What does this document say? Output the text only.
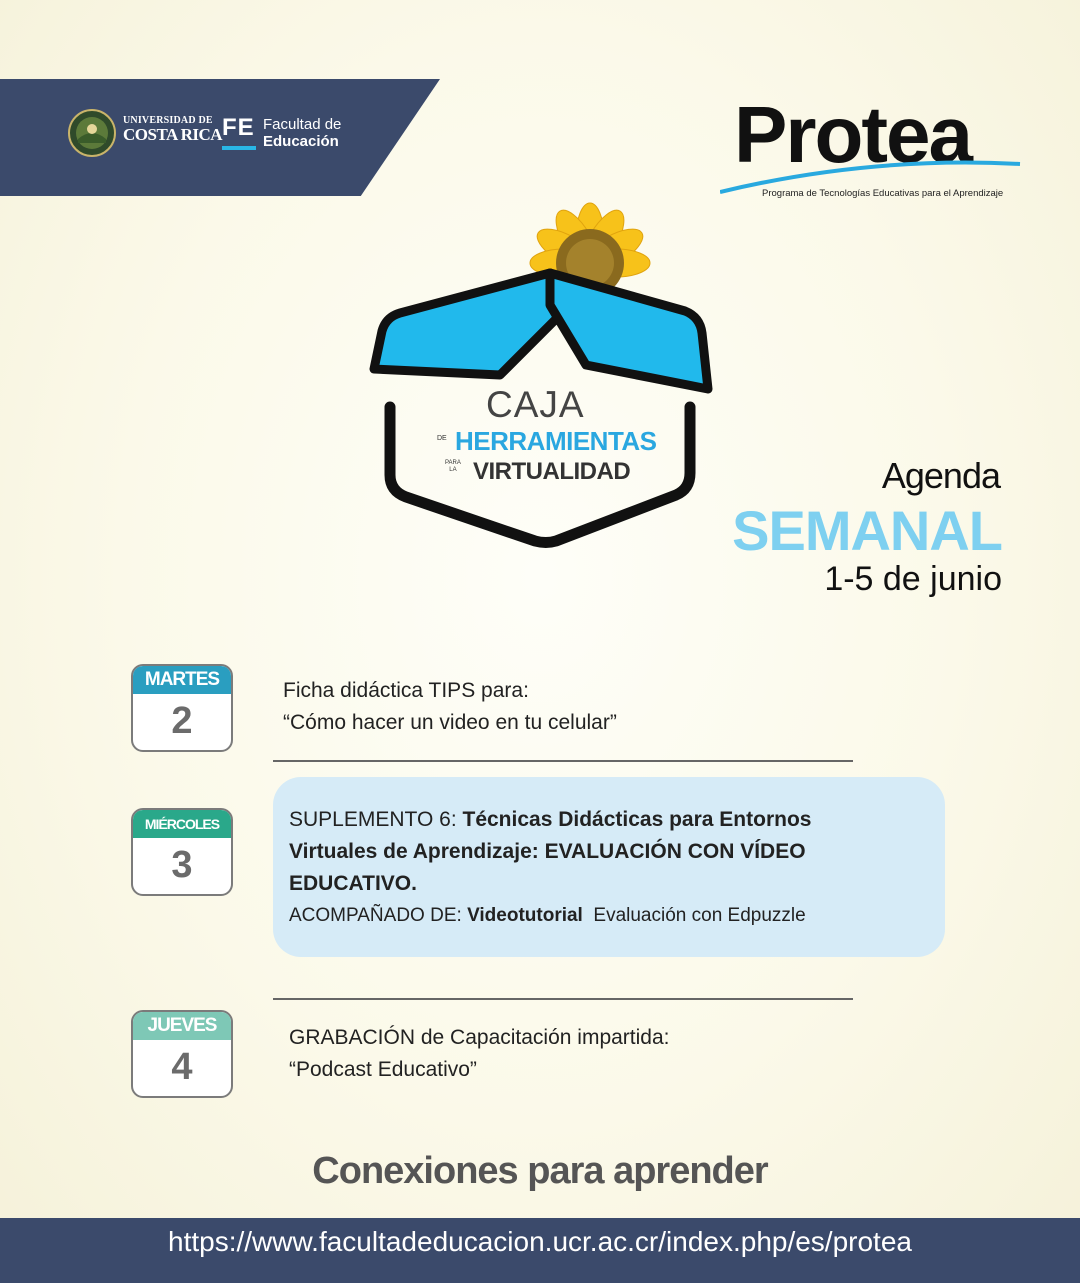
UNIVERSIDAD DE
COSTA RICA FE Facultad de
Educación	Protea
Programa de Tecnologías Educativas para el Aprendizaje
CAJA
DE HERRAMIENTAS
PARA
LA VIRTUALIDAD	Agenda
SEMANAL
1-5 de junio
MARTES
2
Ficha didáctica TIPS para:
“Cómo hacer un video en tu celular”
MIÉRCOLES
3
SUPLEMENTO 6: Técnicas Didácticas para Entornos
Virtuales de Aprendizaje: EVALUACIÓN CON VÍDEO
EDUCATIVO.
ACOMPAÑADO DE: Videotutorial  Evaluación con Edpuzzle
JUEVES
4
GRABACIÓN de Capacitación impartida:
“Podcast Educativo”
Conexiones para aprender
https://www.facultadeducacion.ucr.ac.cr/index.php/es/protea
